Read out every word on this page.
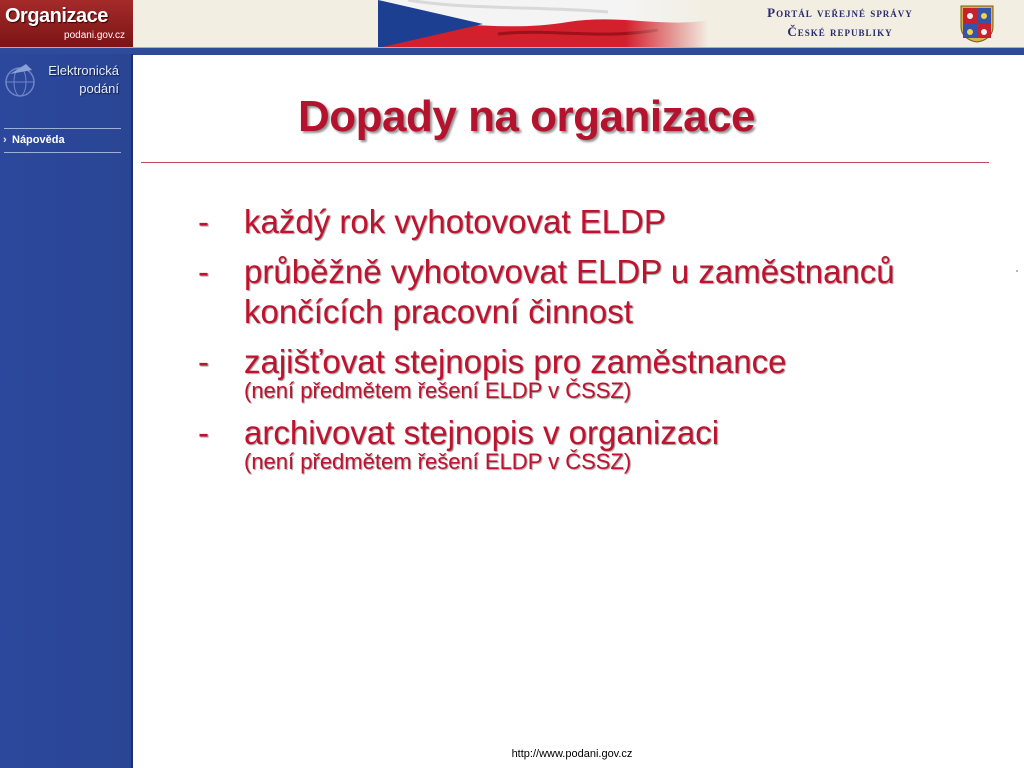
Organizace
podani.gov.cz
Portál veřejné správy
České republiky
Elektronická
podání
› Nápověda	Dopady na organizace
- každý rok vyhotovovat ELDP
- průběžně vyhotovovat ELDP u zaměstnanců končících pracovní činnost
- zajišťovat stejnopis pro zaměstnance
(není předmětem řešení ELDP v ČSSZ)
- archivovat stejnopis v organizaci
(není předmětem řešení ELDP v ČSSZ)
http://www.podani.gov.cz
